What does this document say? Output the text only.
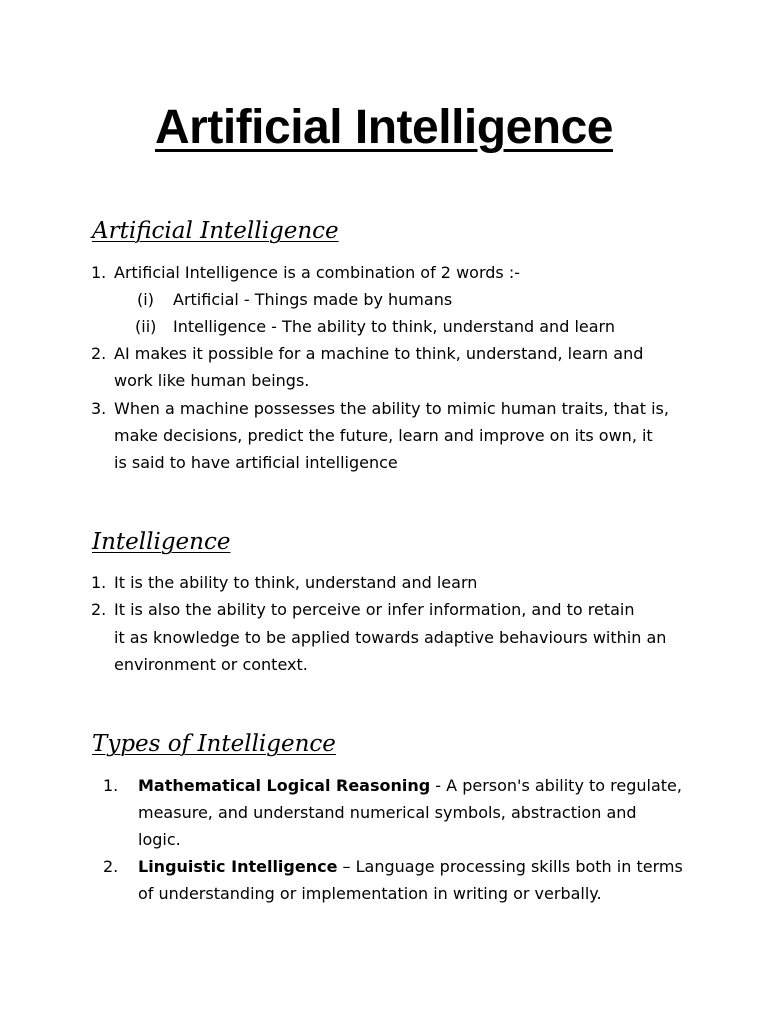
Artificial Intelligence
Artificial Intelligence
1. Artificial Intelligence is a combination of 2 words :-
(i) Artificial - Things made by humans
(ii) Intelligence - The ability to think, understand and learn
2. AI makes it possible for a machine to think, understand, learn and
work like human beings.
3. When a machine possesses the ability to mimic human traits, that is,
make decisions, predict the future, learn and improve on its own, it
is said to have artificial intelligence
Intelligence
1. It is the ability to think, understand and learn
2. It is also the ability to perceive or infer information, and to retain
it as knowledge to be applied towards adaptive behaviours within an
environment or context.
Types of Intelligence
1. Mathematical Logical Reasoning - A person's ability to regulate,
measure, and understand numerical symbols, abstraction and
logic.
2. Linguistic Intelligence – Language processing skills both in terms
of understanding or implementation in writing or verbally.
